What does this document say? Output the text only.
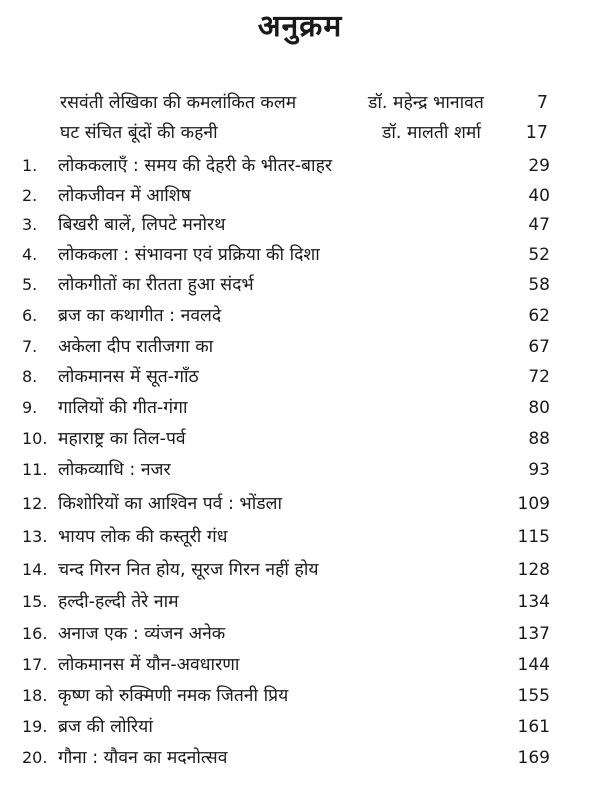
अनुक्रम
रसवंती लेखिका की कमलांकित कलम	डॉ. महेन्द्र भानावत	7
घट संचित बूंदों की कहनी	डॉ. मालती शर्मा	17
1.	लोककलाएँ : समय की देहरी के भीतर-बाहर	29
2.	लोकजीवन में आशिष	40
3.	बिखरी बालें, लिपटे मनोरथ	47
4.	लोककला : संभावना एवं प्रक्रिया की दिशा	52
5.	लोकगीतों का रीतता हुआ संदर्भ	58
6.	ब्रज का कथागीत : नवलदे	62
7.	अकेला दीप रातीजगा का	67
8.	लोकमानस में सूत-गाँठ	72
9.	गालियों की गीत-गंगा	80
10. महाराष्ट्र का तिल-पर्व	88
11. लोकव्याधि : नजर	93
12. किशोरियों का आश्विन पर्व : भोंडला	109
13. भायप लोक की कस्तूरी गंध	115
14. चन्द गिरन नित होय, सूरज गिरन नहीं होय	128
15. हल्दी-हल्दी तेरे नाम	134
16. अनाज एक : व्यंजन अनेक	137
17. लोकमानस में यौन-अवधारणा	144
18. कृष्ण को रुक्मिणी नमक जितनी प्रिय	155
19. ब्रज की लोरियां	161
20. गौना : यौवन का मदनोत्सव	169
